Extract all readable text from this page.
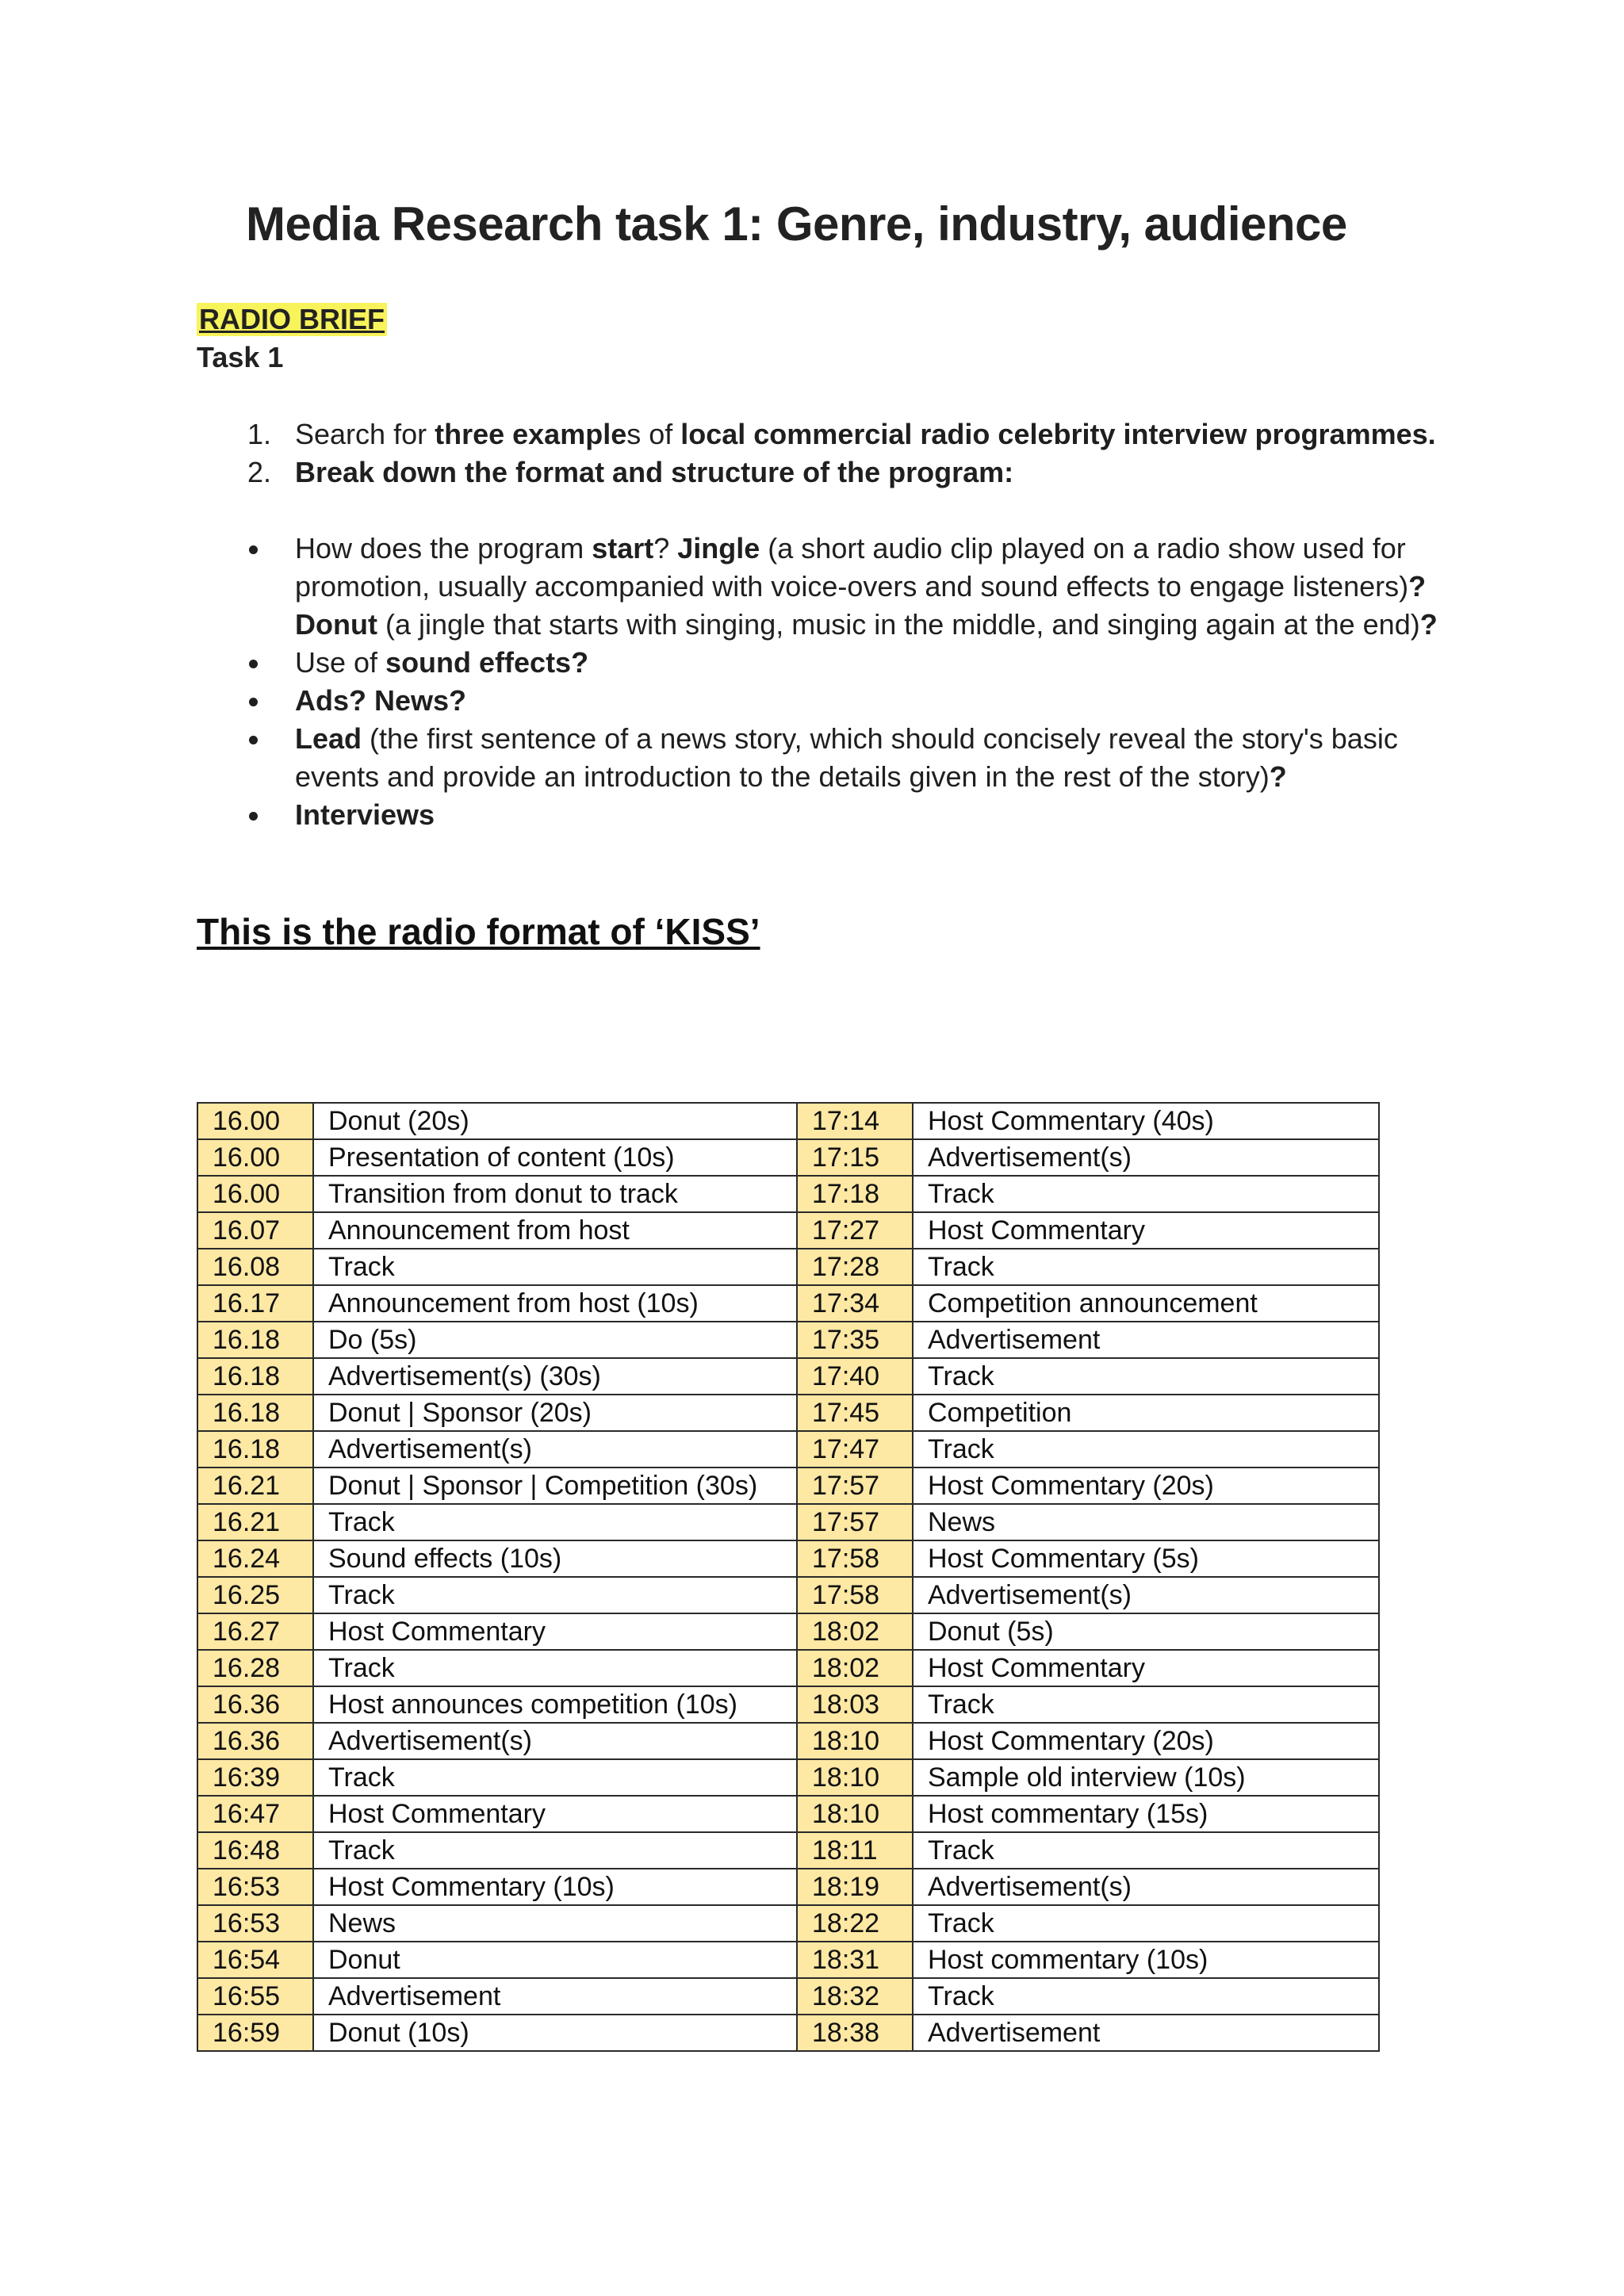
Media Research task 1: Genre, industry, audience
RADIO BRIEF
Task 1
1. Search for three examples of local commercial radio celebrity interview programmes.
2. Break down the format and structure of the program:
How does the program start? Jingle (a short audio clip played on a radio show used for promotion, usually accompanied with voice-overs and sound effects to engage listeners)? Donut (a jingle that starts with singing, music in the middle, and singing again at the end)?
Use of sound effects?
Ads? News?
Lead (the first sentence of a news story, which should concisely reveal the story's basic events and provide an introduction to the details given in the rest of the story)?
Interviews
This is the radio format of ‘KISS’
16.00	Donut (20s)	17:14	Host Commentary (40s)
16.00	Presentation of content (10s)	17:15	Advertisement(s)
16.00	Transition from donut to track	17:18	Track
16.07	Announcement from host	17:27	Host Commentary
16.08	Track	17:28	Track
16.17	Announcement from host (10s)	17:34	Competition announcement
16.18	Do (5s)	17:35	Advertisement
16.18	Advertisement(s) (30s)	17:40	Track
16.18	Donut | Sponsor (20s)	17:45	Competition
16.18	Advertisement(s)	17:47	Track
16.21	Donut | Sponsor | Competition (30s)	17:57	Host Commentary (20s)
16.21	Track	17:57	News
16.24	Sound effects (10s)	17:58	Host Commentary (5s)
16.25	Track	17:58	Advertisement(s)
16.27	Host Commentary	18:02	Donut (5s)
16.28	Track	18:02	Host Commentary
16.36	Host announces competition (10s)	18:03	Track
16.36	Advertisement(s)	18:10	Host Commentary (20s)
16:39	Track	18:10	Sample old interview (10s)
16:47	Host Commentary	18:10	Host commentary (15s)
16:48	Track	18:11	Track
16:53	Host Commentary (10s)	18:19	Advertisement(s)
16:53	News	18:22	Track
16:54	Donut	18:31	Host commentary (10s)
16:55	Advertisement	18:32	Track
16:59	Donut (10s)	18:38	Advertisement
